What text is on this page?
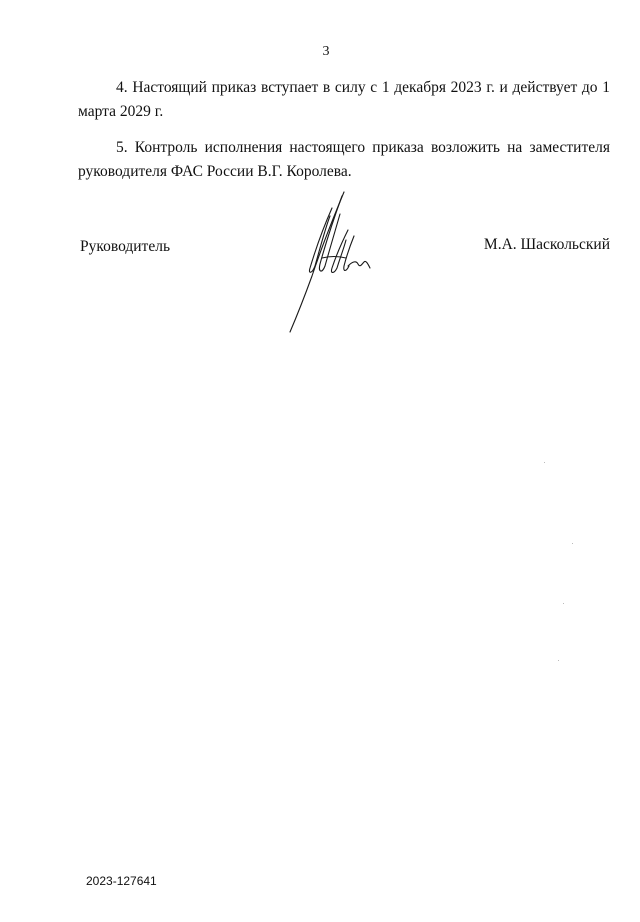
3

4. Настоящий приказ вступает в силу с 1 декабря 2023 г. и действует до 1 марта 2029 г.

5. Контроль исполнения настоящего приказа возложить на заместителя руководителя ФАС России В.Г. Королева.

Руководитель	М.А. Шаскольский
2023-127641
